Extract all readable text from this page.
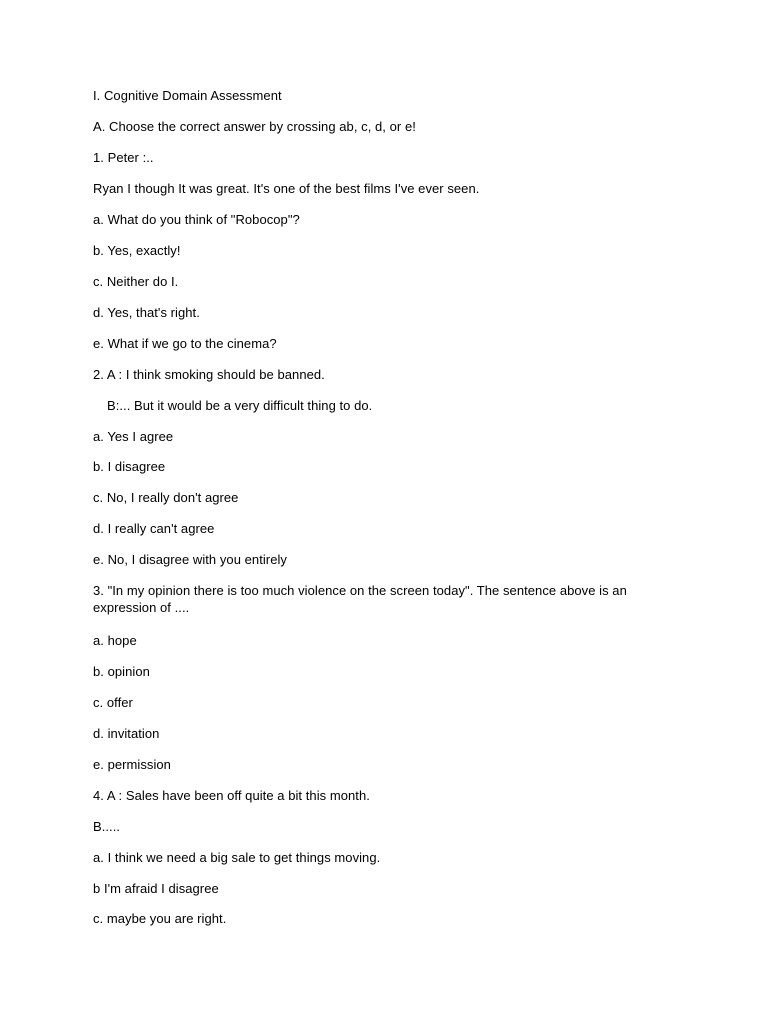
I. Cognitive Domain Assessment
A. Choose the correct answer by crossing ab, c, d, or e!
1. Peter :..
Ryan I though It was great. It's one of the best films I've ever seen.
a. What do you think of "Robocop"?
b. Yes, exactly!
c. Neither do I.
d. Yes, that's right.
e. What if we go to the cinema?
2. A : I think smoking should be banned.
B:... But it would be a very difficult thing to do.
a. Yes I agree
b. I disagree
c. No, I really don't agree
d. I really can't agree
e. No, I disagree with you entirely
3. "In my opinion there is too much violence on the screen today". The sentence above is an expression of ....
a. hope
b. opinion
c. offer
d. invitation
e. permission
4. A : Sales have been off quite a bit this month.
B.....
a. I think we need a big sale to get things moving.
b I'm afraid I disagree
c. maybe you are right.
